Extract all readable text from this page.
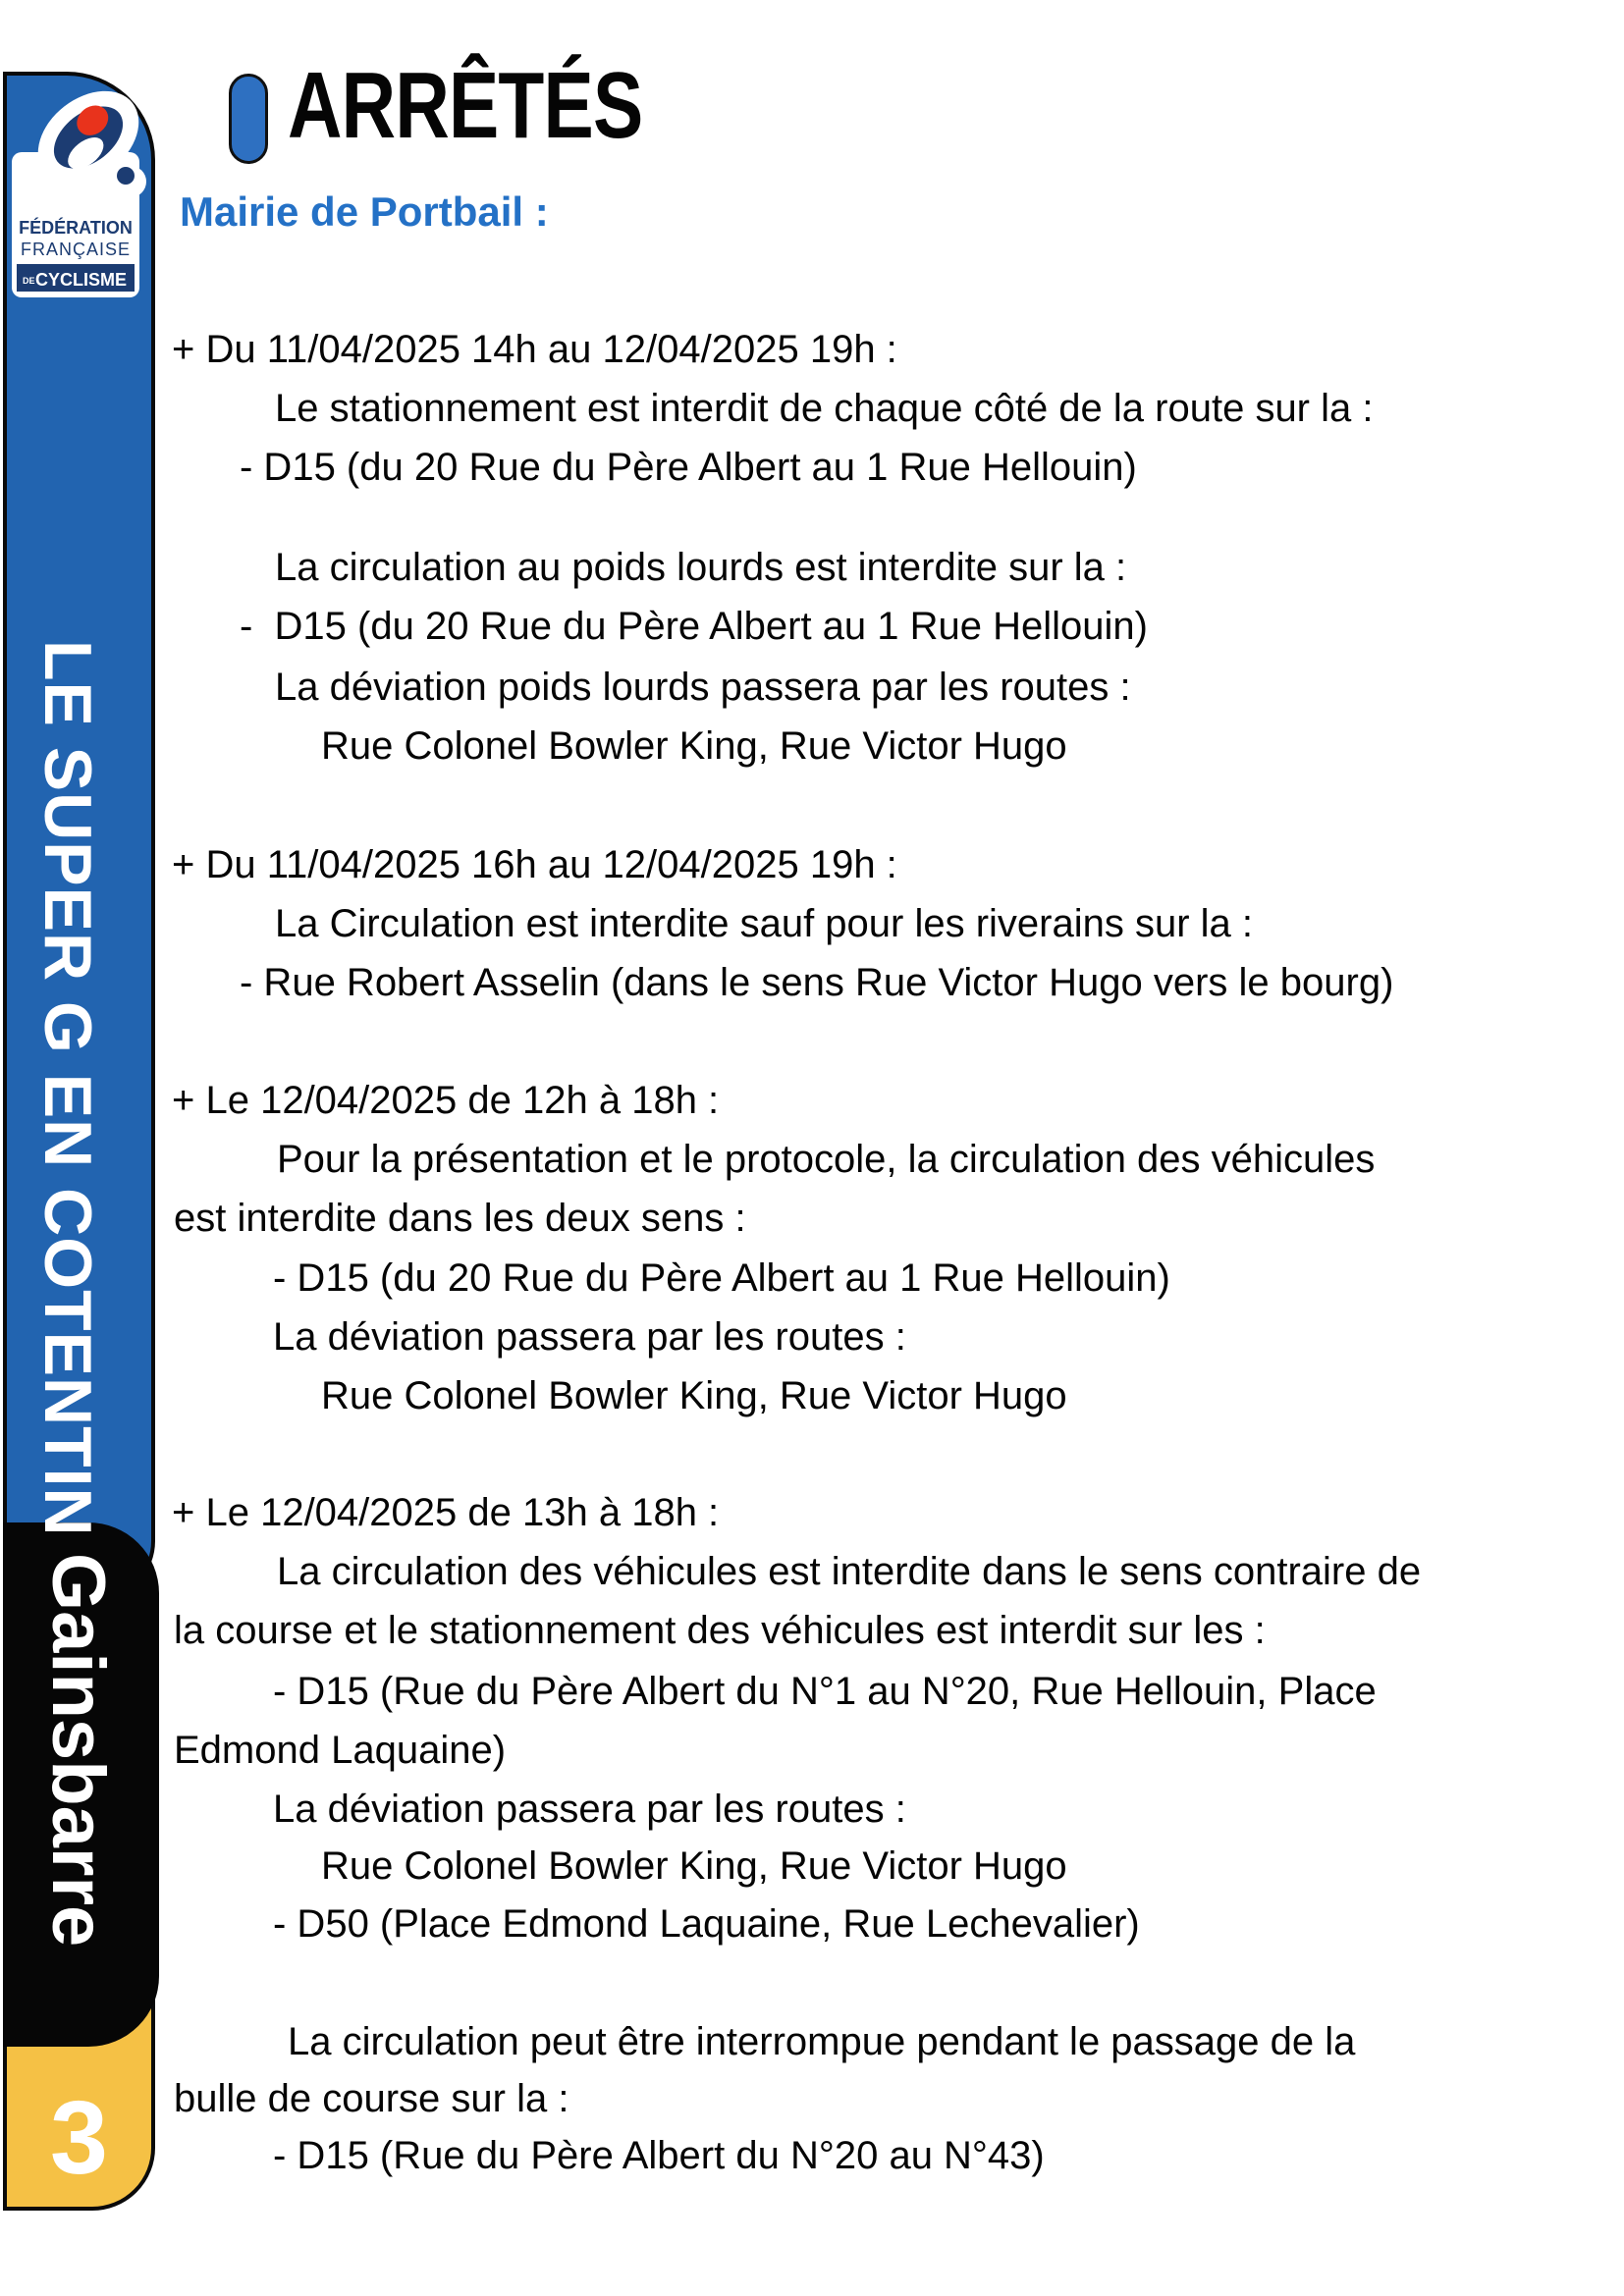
LE SUPER G EN COTENTIN
Gainsbarre
3
FÉDÉRATION
FRANÇAISE
DE CYCLISME
ARRÊTÉS
Mairie de Portbail :
+ Du 11/04/2025 14h au 12/04/2025 19h :
Le stationnement est interdit de chaque côté de la route sur la :
- D15 (du 20 Rue du Père Albert au 1 Rue Hellouin)
La circulation au poids lourds est interdite sur la :
-  D15 (du 20 Rue du Père Albert au 1 Rue Hellouin)
La déviation poids lourds passera par les routes :
Rue Colonel Bowler King, Rue Victor Hugo
+ Du 11/04/2025 16h au 12/04/2025 19h :
La Circulation est interdite sauf pour les riverains sur la :
- Rue Robert Asselin (dans le sens Rue Victor Hugo vers le bourg)
+ Le 12/04/2025 de 12h à 18h :
Pour la présentation et le protocole, la circulation des véhicules
est interdite dans les deux sens :
- D15 (du 20 Rue du Père Albert au 1 Rue Hellouin)
La déviation passera par les routes :
Rue Colonel Bowler King, Rue Victor Hugo
+ Le 12/04/2025 de 13h à 18h :
La circulation des véhicules est interdite dans le sens contraire de
la course et le stationnement des véhicules est interdit sur les :
- D15 (Rue du Père Albert du N°1 au N°20, Rue Hellouin, Place
Edmond Laquaine)
La déviation passera par les routes :
Rue Colonel Bowler King, Rue Victor Hugo
- D50 (Place Edmond Laquaine, Rue Lechevalier)
La circulation peut être interrompue pendant le passage de la
bulle de course sur la :
- D15 (Rue du Père Albert du N°20 au N°43)
